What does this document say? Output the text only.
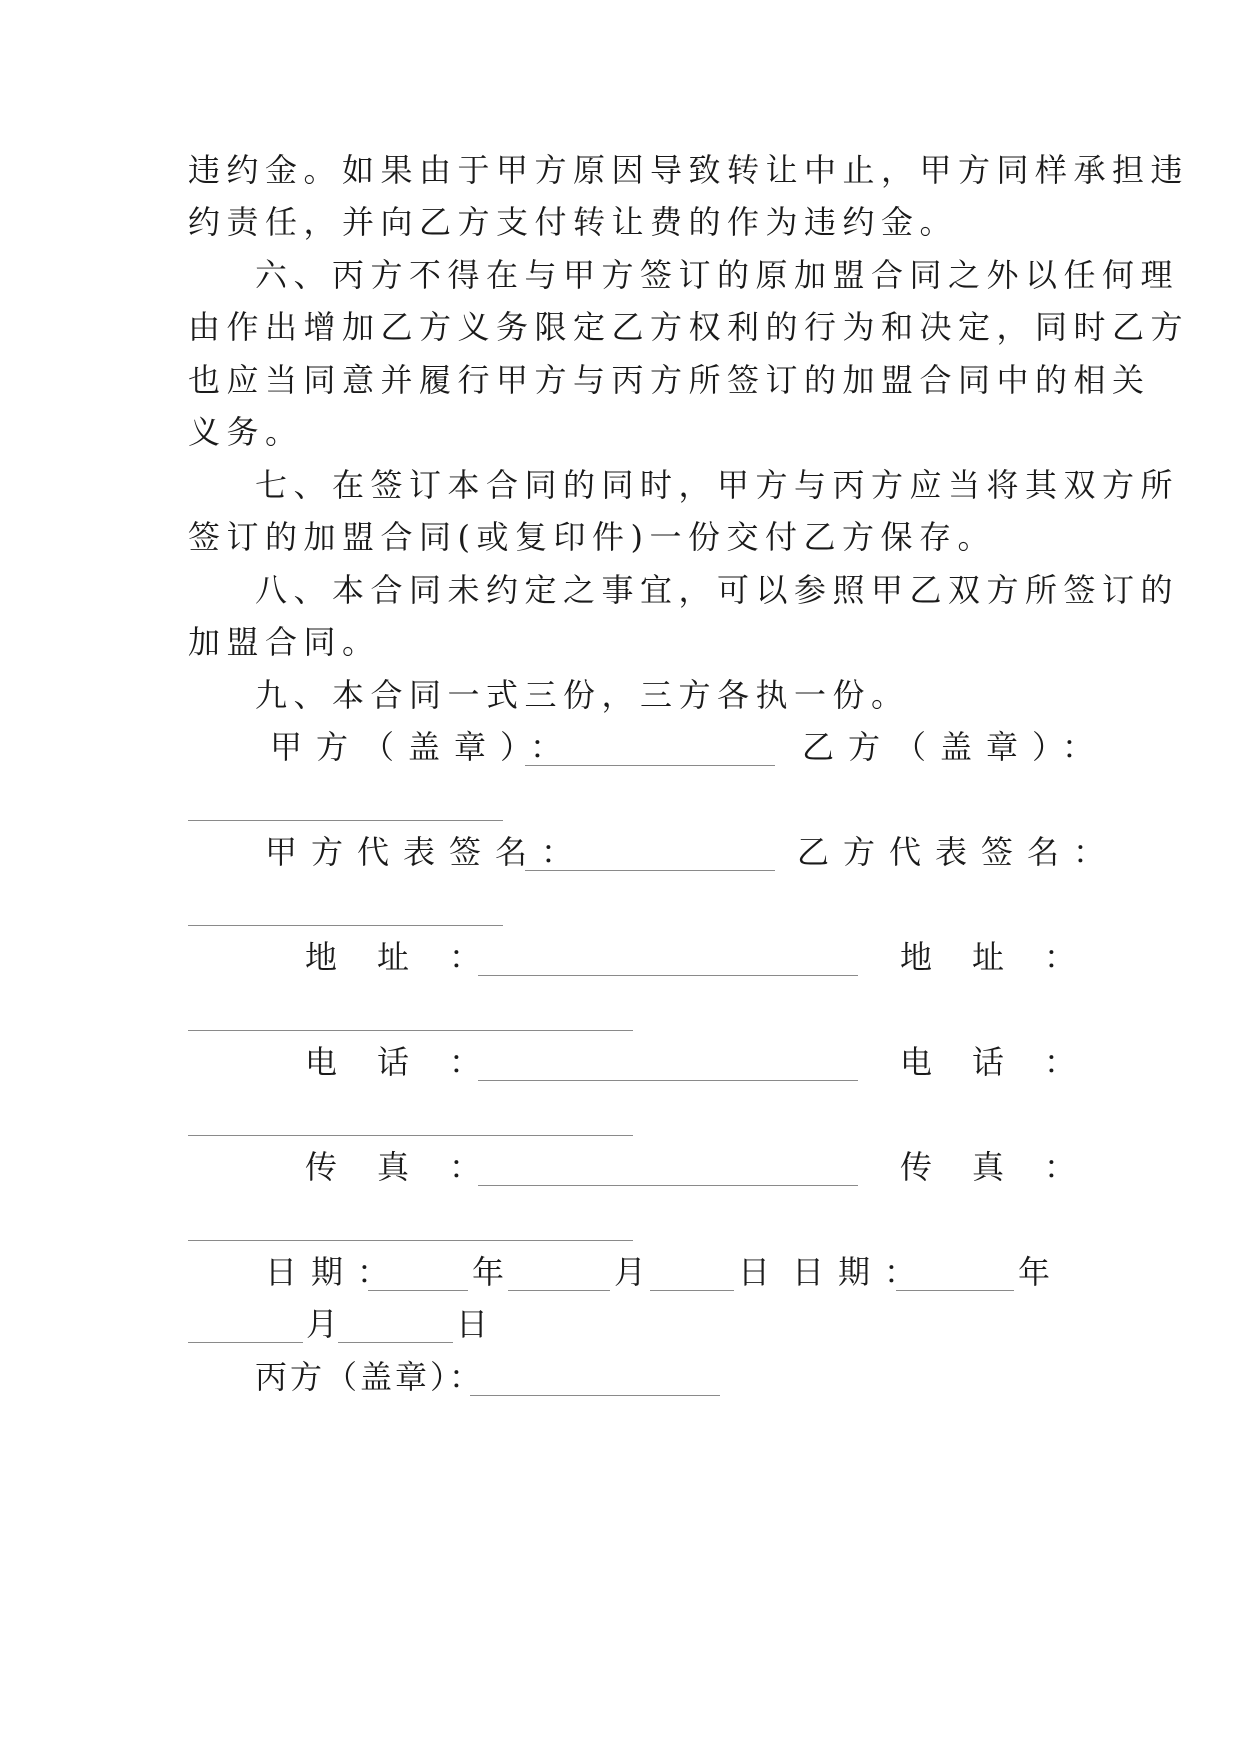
违约金。如果由于甲方原因导致转让中止，甲方同样承担违
约责任，并向乙方支付转让费的作为违约金。
六、丙方不得在与甲方签订的原加盟合同之外以任何理
由作出增加乙方义务限定乙方权利的行为和决定，同时乙方
也应当同意并履行甲方与丙方所签订的加盟合同中的相关
义务。
七、在签订本合同的同时，甲方与丙方应当将其双方所
签订的加盟合同(或复印件)一份交付乙方保存。
八、本合同未约定之事宜，可以参照甲乙双方所签订的
加盟合同。
九、本合同一式三份，三方各执一份。
甲方（盖章）：	乙方（盖章）：
甲方代表签名：	乙方代表签名：
地址：	地址：
电话：	电话：
传真：	传真：
日期： 年	月	日 日期：	年
月	日
丙方（盖章）：
